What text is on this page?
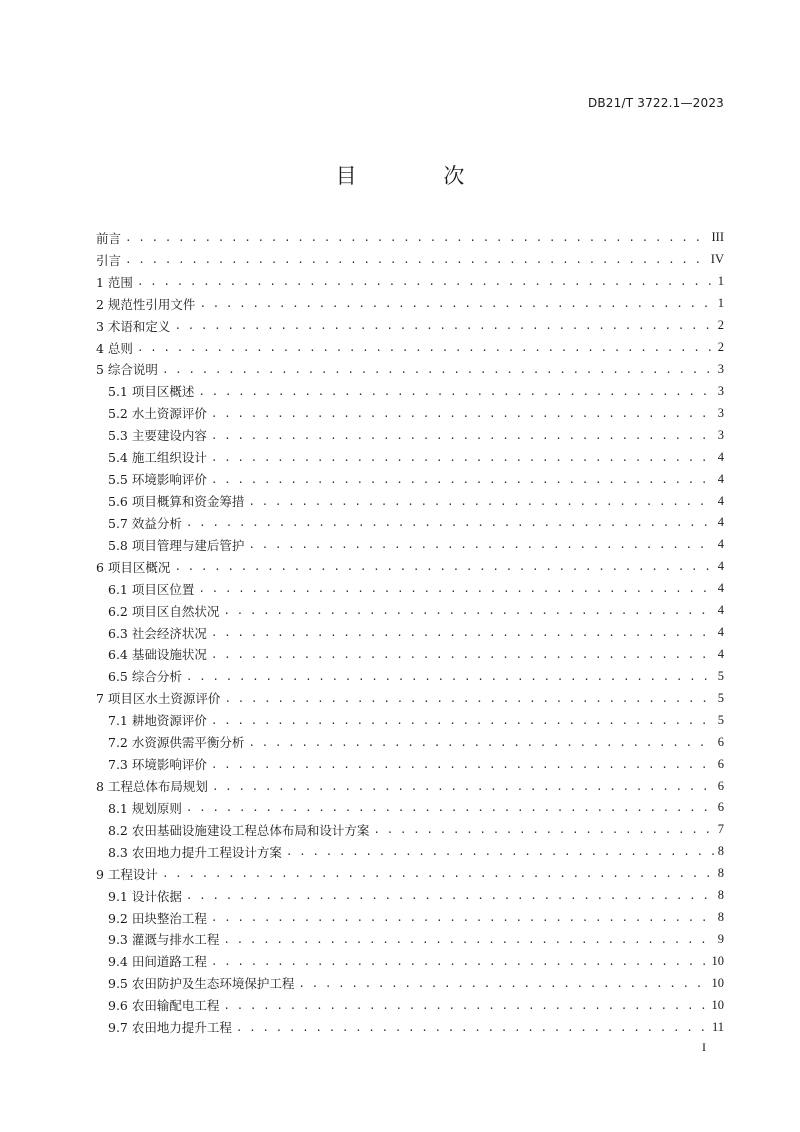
DB21/T 3722.1—2023
目 次
前言 . . .	III
引言 . . .	IV
1 范围 . . .	1
2 规范性引用文件 . . .	1
3 术语和定义 . . .	2
4 总则 . . .	2
5 综合说明 . . .	3
5.1 项目区概述 . . .	3
5.2 水土资源评价 . . .	3
5.3 主要建设内容 . . .	3
5.4 施工组织设计 . . .	4
5.5 环境影响评价 . . .	4
5.6 项目概算和资金筹措 . . .	4
5.7 效益分析 . . .	4
5.8 项目管理与建后管护 . . .	4
6 项目区概况 . . .	4
6.1 项目区位置 . . .	4
6.2 项目区自然状况 . . .	4
6.3 社会经济状况 . . .	4
6.4 基础设施状况 . . .	4
6.5 综合分析 . . .	5
7 项目区水土资源评价 . . .	5
7.1 耕地资源评价 . . .	5
7.2 水资源供需平衡分析 . . .	6
7.3 环境影响评价 . . .	6
8 工程总体布局规划 . . .	6
8.1 规划原则 . . .	6
8.2 农田基础设施建设工程总体布局和设计方案 . . .	7
8.3 农田地力提升工程设计方案 . . .	8
9 工程设计 . . .	8
9.1 设计依据 . . .	8
9.2 田块整治工程 . . .	8
9.3 灌溉与排水工程 . . .	9
9.4 田间道路工程 . . .	10
9.5 农田防护及生态环境保护工程 . . .	10
9.6 农田输配电工程 . . .	10
9.7 农田地力提升工程 . . .	11
I
